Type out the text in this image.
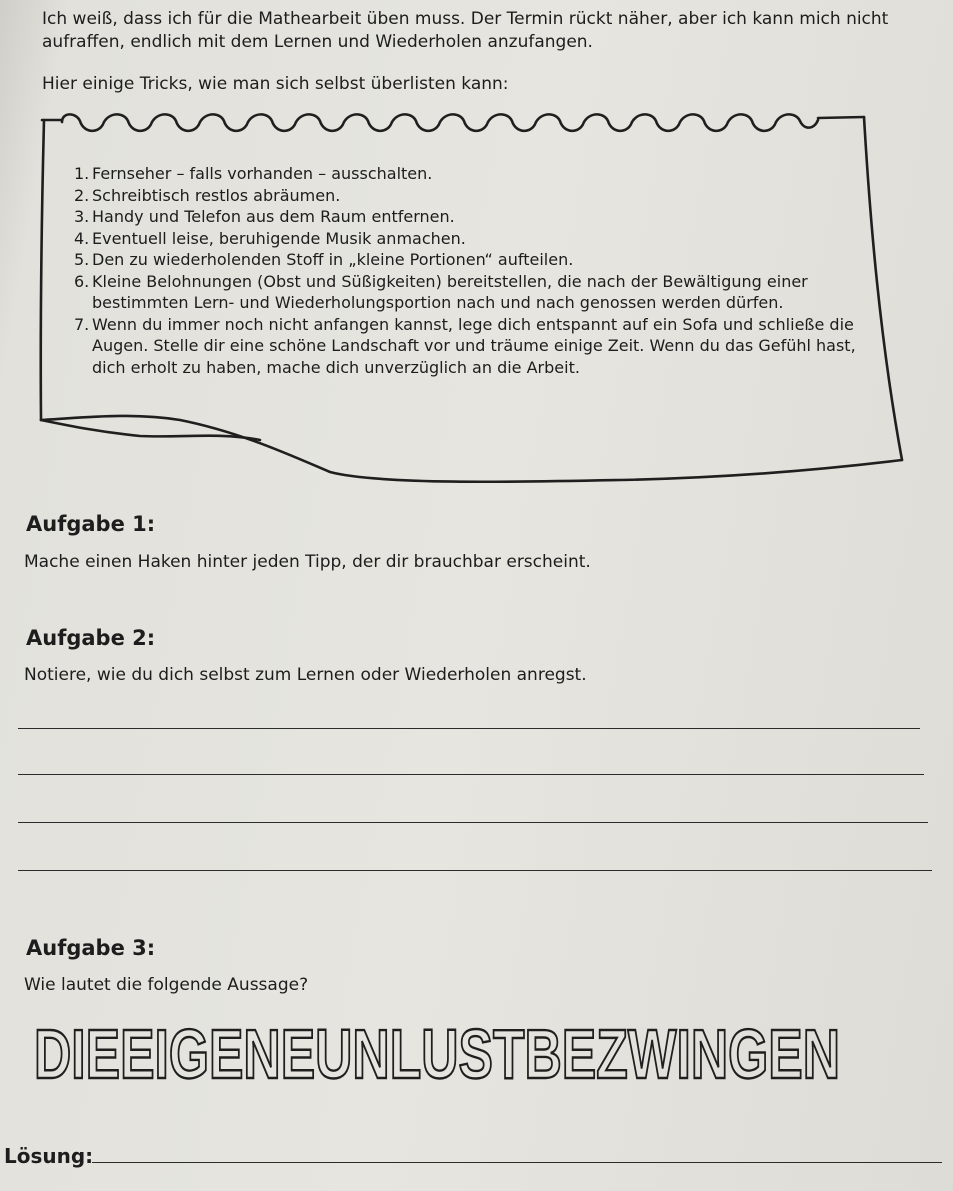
Ich weiß, dass ich für die Mathearbeit üben muss. Der Termin rückt näher, aber ich kann mich nicht aufraffen, endlich mit dem Lernen und Wiederholen anzufangen.
Hier einige Tricks, wie man sich selbst überlisten kann:
1. Fernseher – falls vorhanden – ausschalten.
2. Schreibtisch restlos abräumen.
3. Handy und Telefon aus dem Raum entfernen.
4. Eventuell leise, beruhigende Musik anmachen.
5. Den zu wiederholenden Stoff in „kleine Portionen“ aufteilen.
6. Kleine Belohnungen (Obst und Süßigkeiten) bereitstellen, die nach der Bewältigung einer bestimmten Lern- und Wiederholungsportion nach und nach genossen werden dürfen.
7. Wenn du immer noch nicht anfangen kannst, lege dich entspannt auf ein Sofa und schließe die Augen. Stelle dir eine schöne Landschaft vor und träume einige Zeit. Wenn du das Gefühl hast, dich erholt zu haben, mache dich unverzüglich an die Arbeit.
Aufgabe 1:
Mache einen Haken hinter jeden Tipp, der dir brauchbar erscheint.
Aufgabe 2:
Notiere, wie du dich selbst zum Lernen oder Wiederholen anregst.
Aufgabe 3:
Wie lautet die folgende Aussage?
DIEEIGENEUNLUSTBEZWINGEN
Lösung:
